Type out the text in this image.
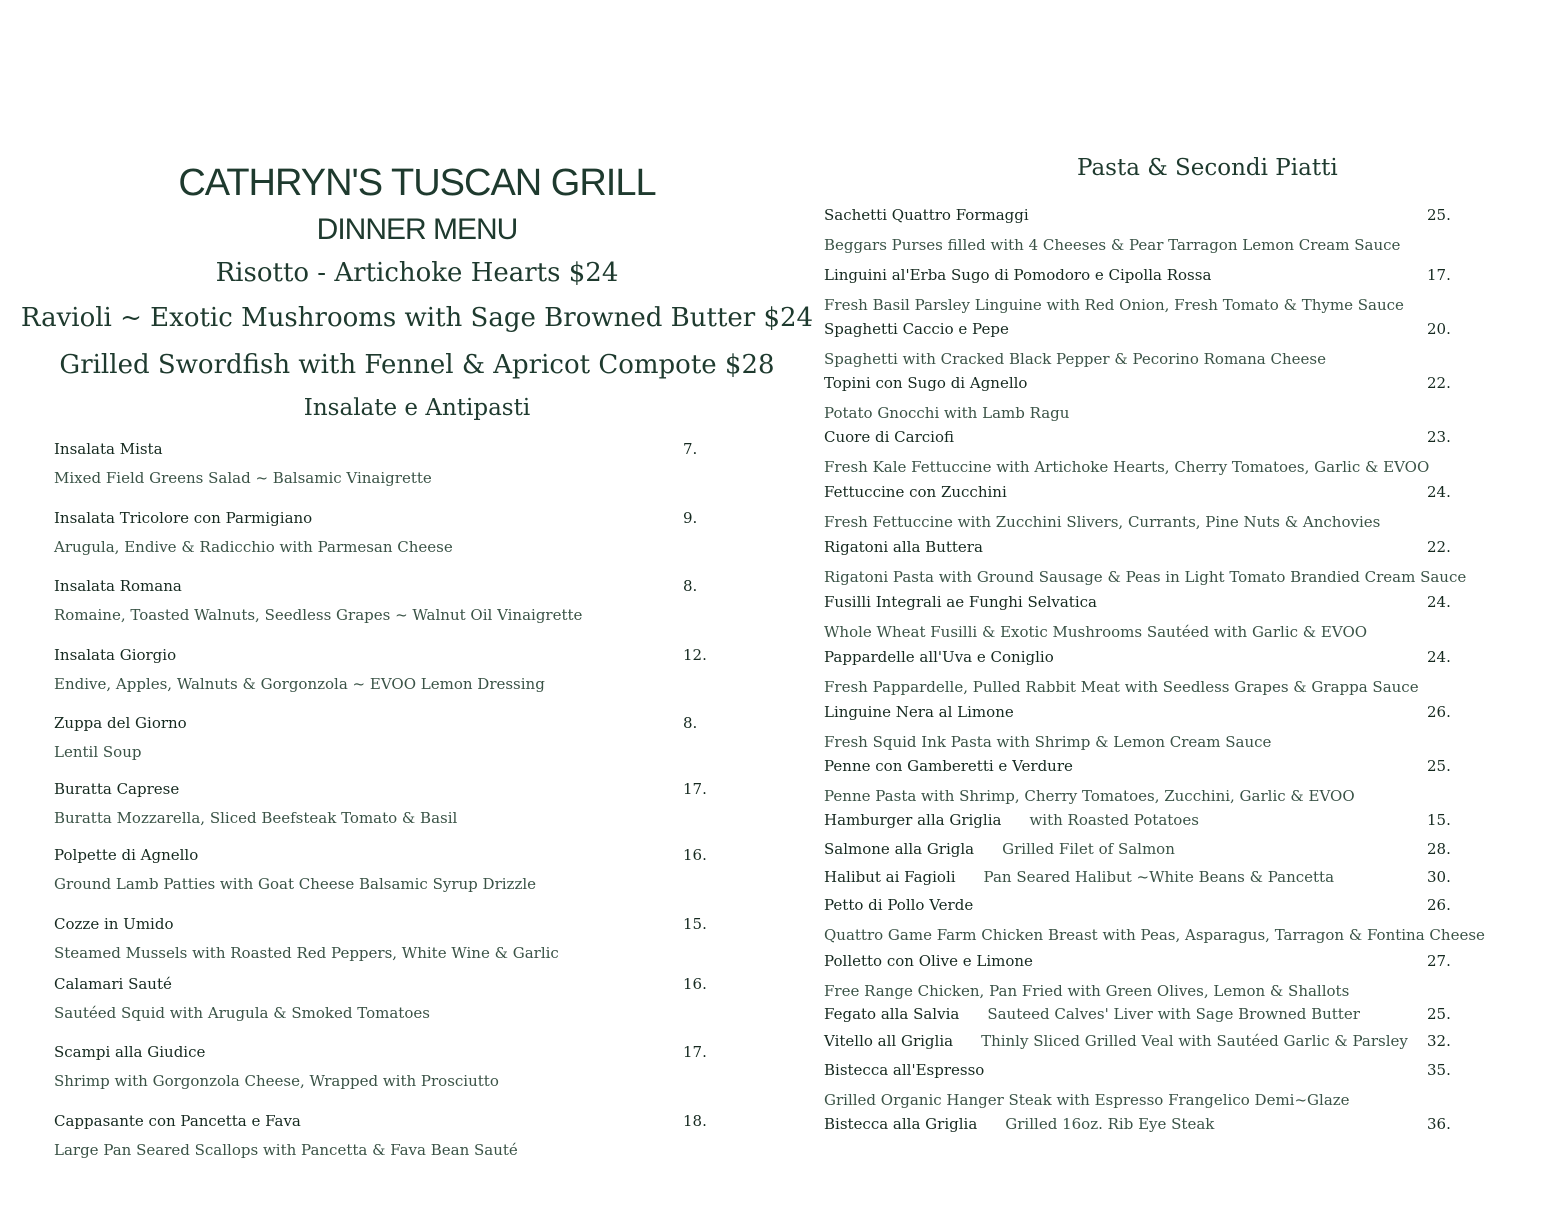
CATHRYN'S TUSCAN GRILL
DINNER MENU
Risotto - Artichoke Hearts $24
Ravioli ~ Exotic Mushrooms with Sage Browned Butter $24
Grilled Swordfish with Fennel & Apricot Compote $28
Insalate e Antipasti
Pasta & Secondi Piatti
Insalata Mista	7.
Mixed Field Greens Salad ~ Balsamic Vinaigrette
Insalata Tricolore con Parmigiano	9.
Arugula, Endive & Radicchio with Parmesan Cheese
Insalata Romana	8.
Romaine, Toasted Walnuts, Seedless Grapes ~ Walnut Oil Vinaigrette
Insalata Giorgio	12.
Endive, Apples, Walnuts & Gorgonzola ~ EVOO Lemon Dressing
Zuppa del Giorno	8.
Lentil Soup
Buratta Caprese	17.
Buratta Mozzarella, Sliced Beefsteak Tomato & Basil
Polpette di Agnello	16.
Ground Lamb Patties with Goat Cheese Balsamic Syrup Drizzle
Cozze in Umido	15.
Steamed Mussels with Roasted Red Peppers, White Wine & Garlic
Calamari Sauté	16.
Sautéed Squid with Arugula & Smoked Tomatoes
Scampi alla Giudice	17.
Shrimp with Gorgonzola Cheese, Wrapped with Prosciutto
Cappasante con Pancetta e Fava	18.
Large Pan Seared Scallops with Pancetta & Fava Bean Sauté
Sachetti Quattro Formaggi	25.
Beggars Purses filled with 4 Cheeses & Pear Tarragon Lemon Cream Sauce
Linguini al'Erba Sugo di Pomodoro e Cipolla Rossa	17.
Fresh Basil Parsley Linguine with Red Onion, Fresh Tomato & Thyme Sauce
Spaghetti Caccio e Pepe	20.
Spaghetti with Cracked Black Pepper & Pecorino Romana Cheese
Topini con Sugo di Agnello	22.
Potato Gnocchi with Lamb Ragu
Cuore di Carciofi	23.
Fresh Kale Fettuccine with Artichoke Hearts, Cherry Tomatoes, Garlic & EVOO
Fettuccine con Zucchini	24.
Fresh Fettuccine with Zucchini Slivers, Currants, Pine Nuts & Anchovies
Rigatoni alla Buttera	22.
Rigatoni Pasta with Ground Sausage & Peas in Light Tomato Brandied Cream Sauce
Fusilli Integrali ae Funghi Selvatica	24.
Whole Wheat Fusilli & Exotic Mushrooms Sautéed with Garlic & EVOO
Pappardelle all'Uva e Coniglio	24.
Fresh Pappardelle, Pulled Rabbit Meat with Seedless Grapes & Grappa Sauce
Linguine Nera al Limone	26.
Fresh Squid Ink Pasta with Shrimp & Lemon Cream Sauce
Penne con Gamberetti e Verdure	25.
Penne Pasta with Shrimp, Cherry Tomatoes, Zucchini, Garlic & EVOO
Hamburger alla Griglia with Roasted Potatoes	15.
Salmone alla Grigla Grilled Filet of Salmon	28.
Halibut ai Fagioli Pan Seared Halibut ~White Beans & Pancetta	30.
Petto di Pollo Verde	26.
Quattro Game Farm Chicken Breast with Peas, Asparagus, Tarragon & Fontina Cheese
Polletto con Olive e Limone	27.
Free Range Chicken, Pan Fried with Green Olives, Lemon & Shallots
Fegato alla Salvia Sauteed Calves' Liver with Sage Browned Butter	25.
Vitello all Griglia Thinly Sliced Grilled Veal with Sautéed Garlic & Parsley 32.
Bistecca all'Espresso	35.
Grilled Organic Hanger Steak with Espresso Frangelico Demi~Glaze
Bistecca alla Griglia Grilled 16oz. Rib Eye Steak	36.
